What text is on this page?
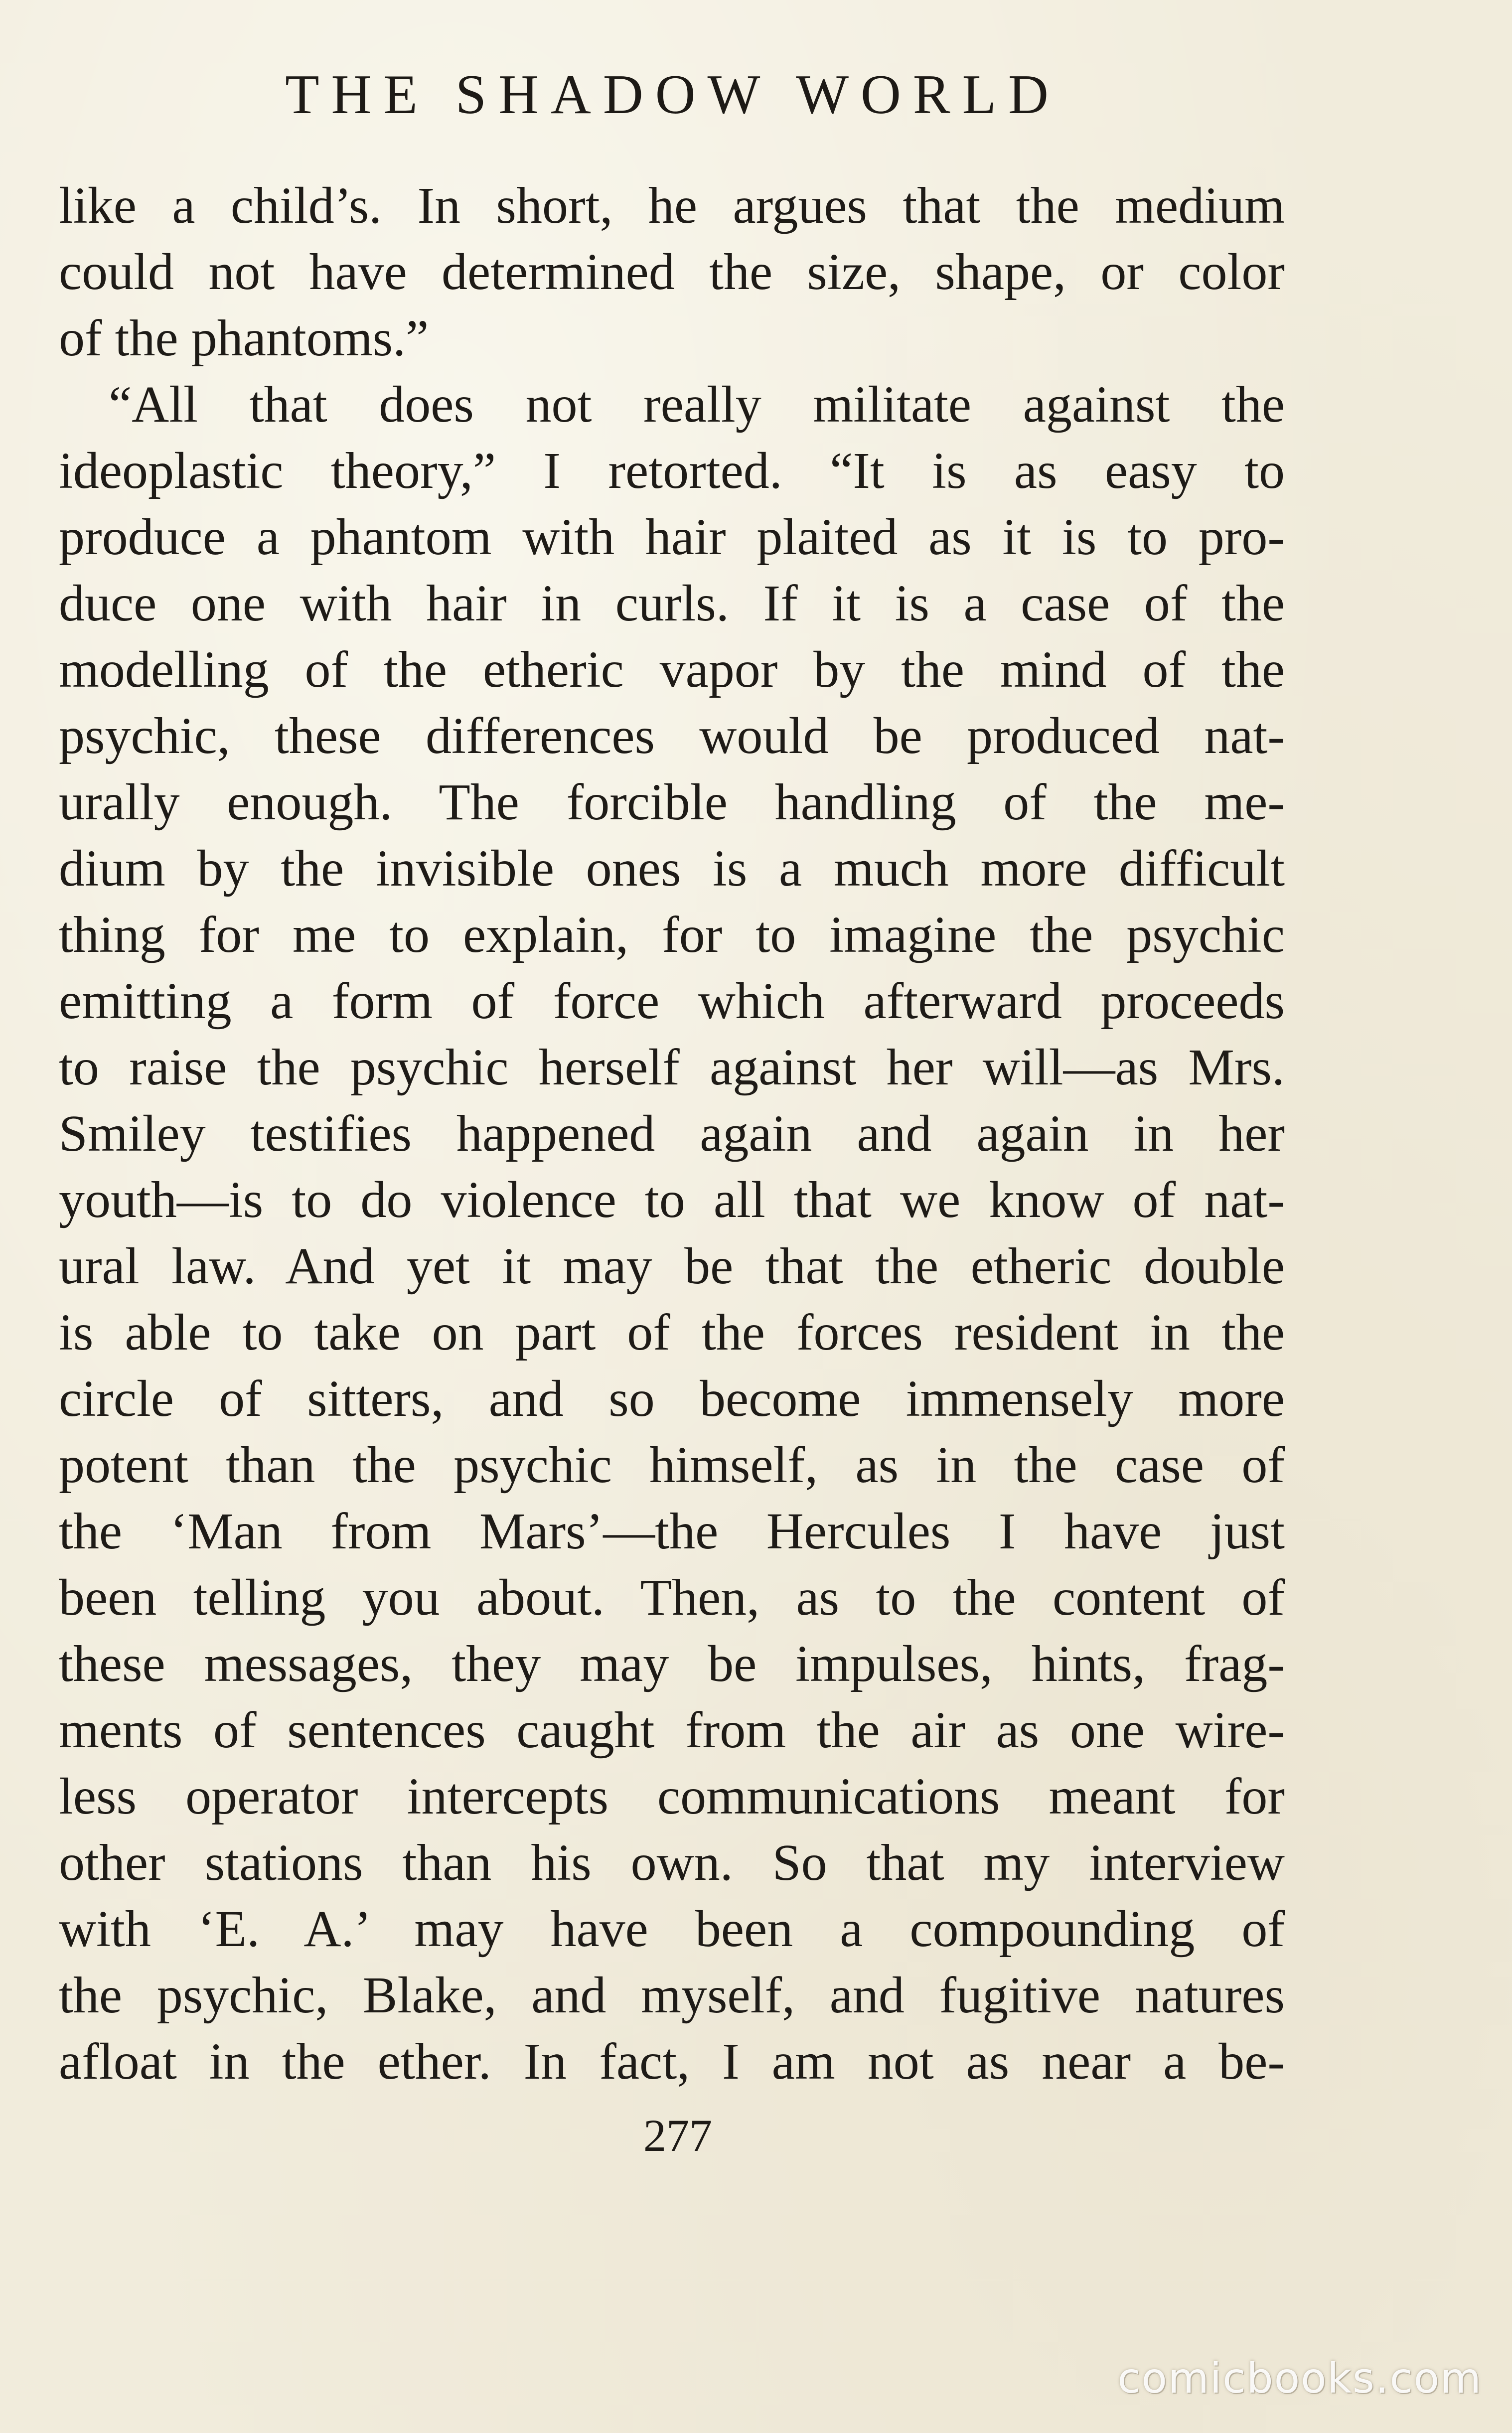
THE SHADOW WORLD
like a child’s. In short, he argues that the medium
could not have determined the size, shape, or color
of the phantoms.”
“All that does not really militate against the
ideoplastic theory,” I retorted. “It is as easy to
produce a phantom with hair plaited as it is to pro-
duce one with hair in curls. If it is a case of the
modelling of the etheric vapor by the mind of the
psychic, these differences would be produced nat-
urally enough. The forcible handling of the me-
dium by the invisible ones is a much more difficult
thing for me to explain, for to imagine the psychic
emitting a form of force which afterward proceeds
to raise the psychic herself against her will—as Mrs.
Smiley testifies happened again and again in her
youth—is to do violence to all that we know of nat-
ural law. And yet it may be that the etheric double
is able to take on part of the forces resident in the
circle of sitters, and so become immensely more
potent than the psychic himself, as in the case of
the ‘Man from Mars’—the Hercules I have just
been telling you about. Then, as to the content of
these messages, they may be impulses, hints, frag-
ments of sentences caught from the air as one wire-
less operator intercepts communications meant for
other stations than his own. So that my interview
with ‘E. A.’ may have been a compounding of
the psychic, Blake, and myself, and fugitive natures
afloat in the ether. In fact, I am not as near a be-
277
comicbooks.com
